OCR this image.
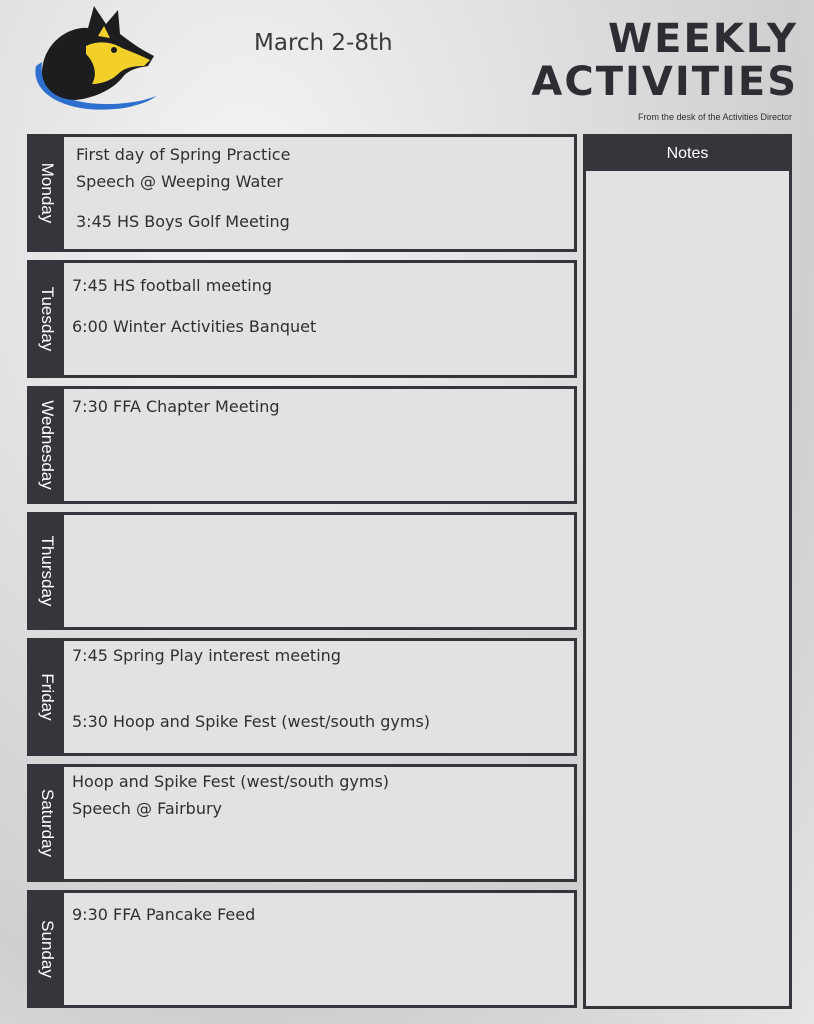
March 2-8th	WEEKLY
ACTIVITIES
From the desk of the Activities Director
Monday
First day of Spring Practice
Speech @ Weeping Water
3:45 HS Boys Golf Meeting
Tuesday
7:45 HS football meeting
6:00 Winter Activities Banquet
Wednesday 7:30 FFA Chapter Meeting
Thursday
Friday
7:45 Spring Play interest meeting
5:30 Hoop and Spike Fest (west/south gyms)
Saturday
Hoop and Spike Fest (west/south gyms)
Speech @ Fairbury
Sunday
9:30 FFA Pancake Feed
Notes
